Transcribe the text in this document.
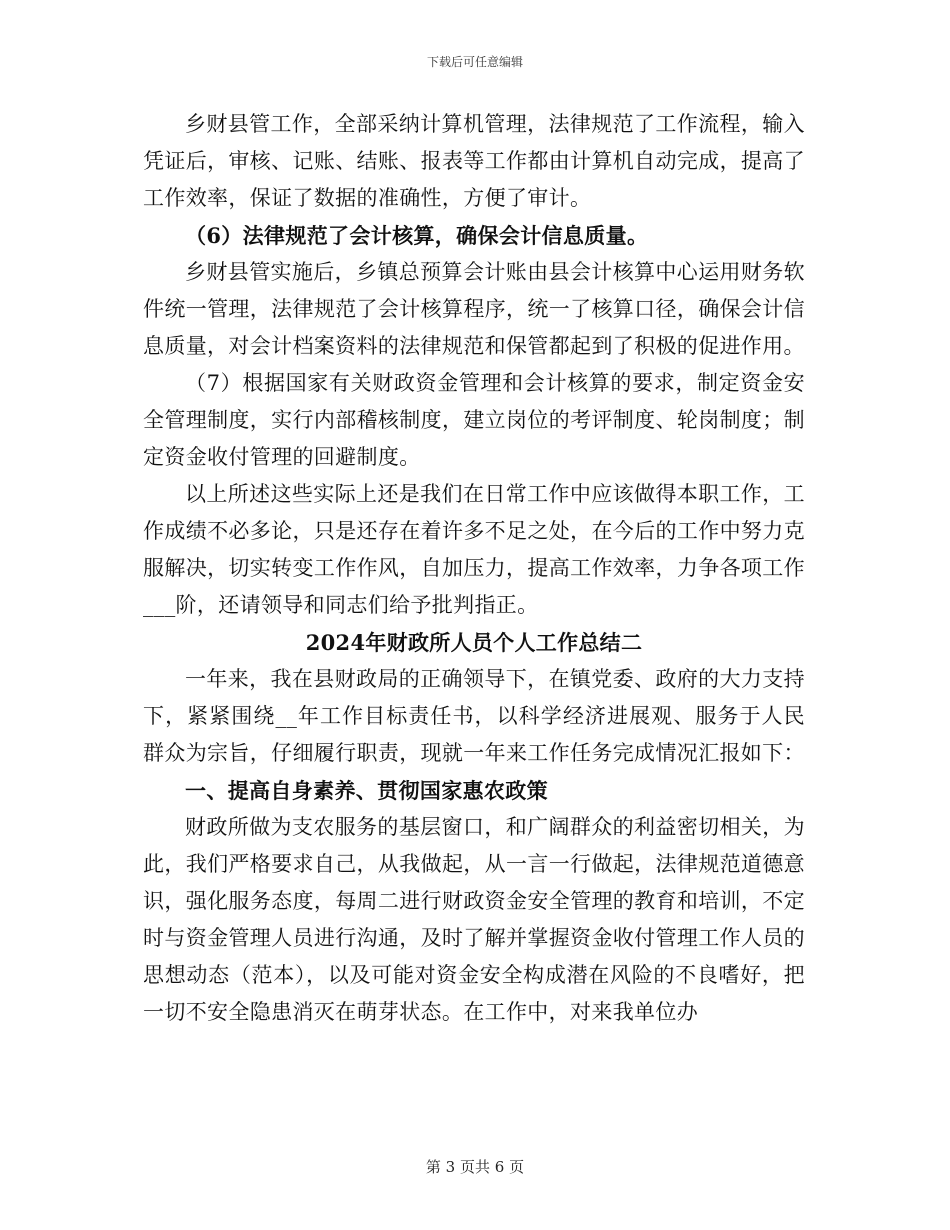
下载后可任意编辑

乡财县管工作，全部采纳计算机管理，法律规范了工作流程，输入凭证后，审核、记账、结账、报表等工作都由计算机自动完成，提高了工作效率，保证了数据的准确性，方便了审计。

（6）法律规范了会计核算，确保会计信息质量。

乡财县管实施后，乡镇总预算会计账由县会计核算中心运用财务软件统一管理，法律规范了会计核算程序，统一了核算口径，确保会计信息质量，对会计档案资料的法律规范和保管都起到了积极的促进作用。

（7）根据国家有关财政资金管理和会计核算的要求，制定资金安全管理制度，实行内部稽核制度，建立岗位的考评制度、轮岗制度；制定资金收付管理的回避制度。

以上所述这些实际上还是我们在日常工作中应该做得本职工作，工作成绩不必多论，只是还存在着许多不足之处，在今后的工作中努力克服解决，切实转变工作作风，自加压力，提高工作效率，力争各项工作___阶，还请领导和同志们给予批判指正。

2024年财政所人员个人工作总结二

一年来，我在县财政局的正确领导下，在镇党委、政府的大力支持下，紧紧围绕__年工作目标责任书，以科学经济进展观、服务于人民群众为宗旨，仔细履行职责，现就一年来工作任务完成情况汇报如下：

一、提高自身素养、贯彻国家惠农政策

财政所做为支农服务的基层窗口，和广阔群众的利益密切相关，为此，我们严格要求自己，从我做起，从一言一行做起，法律规范道德意识，强化服务态度，每周二进行财政资金安全管理的教育和培训，不定时与资金管理人员进行沟通，及时了解并掌握资金收付管理工作人员的思想动态（范本），以及可能对资金安全构成潜在风险的不良嗜好，把一切不安全隐患消灭在萌芽状态。在工作中，对来我单位办

第 3 页共 6 页
